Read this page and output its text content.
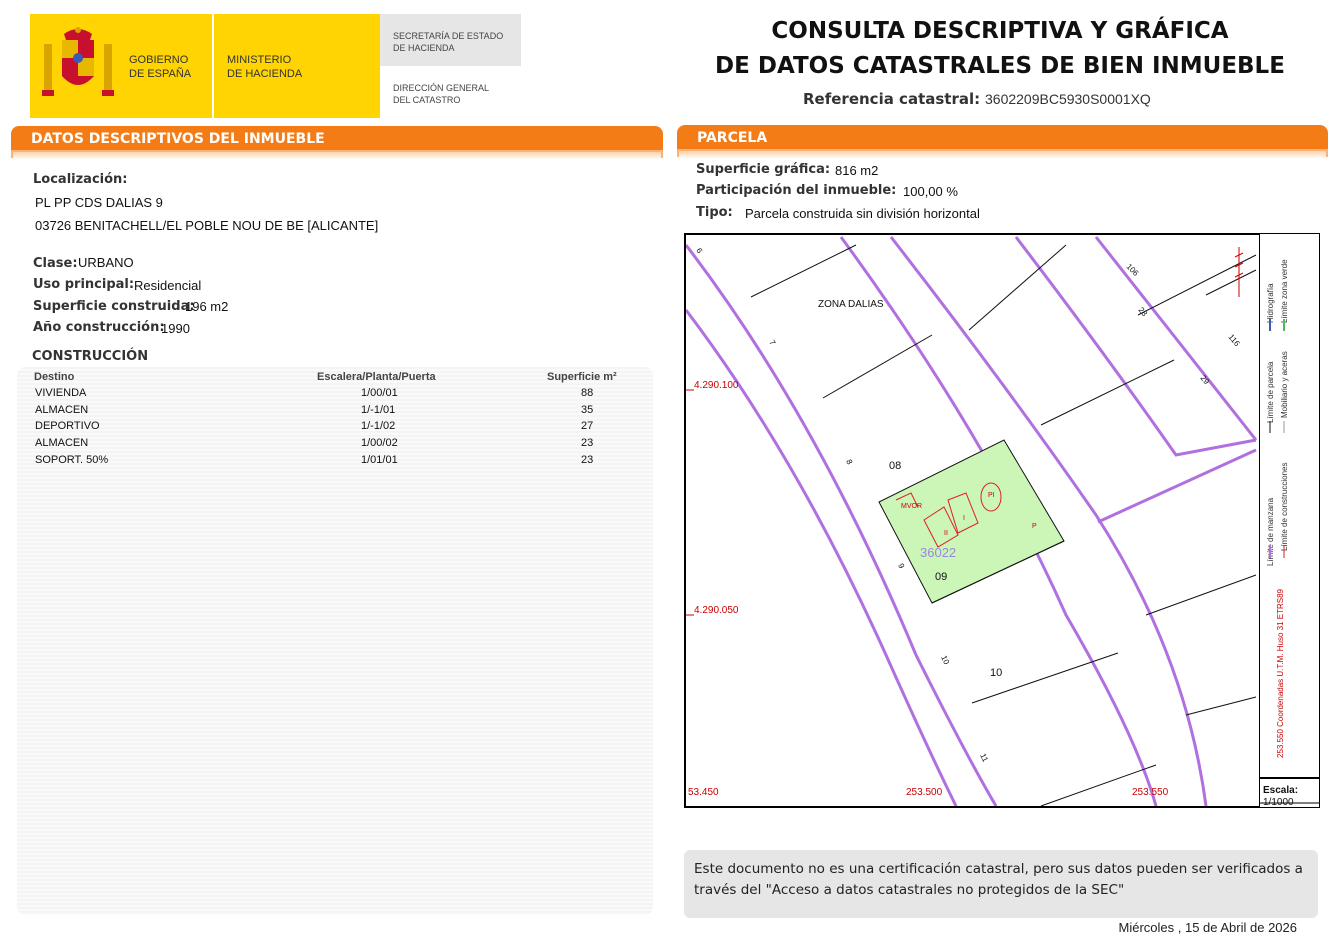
GOBIERNO
DE ESPAÑA
MINISTERIO
DE HACIENDA
SECRETARÍA DE ESTADO
DE HACIENDA
DIRECCIÓN GENERAL
DEL CATASTRO
CONSULTA DESCRIPTIVA Y GRÁFICA
DE DATOS CATASTRALES DE BIEN INMUEBLE
Referencia catastral: 3602209BC5930S0001XQ
DATOS DESCRIPTIVOS DEL INMUEBLE
Localización:
PL PP CDS DALIAS 9
03726 BENITACHELL/EL POBLE NOU DE BE [ALICANTE]
Clase: URBANO
Uso principal: Residencial
Superficie construida:
196 m2
Año construcción:
1990
CONSTRUCCIÓN
Destino	Escalera/Planta/Puerta	Superficie m²
VIVIENDA	1/00/01	88
ALMACEN	1/-1/01	35
DEPORTIVO	1/-1/02	27
ALMACEN	1/00/02	23
SOPORT. 50%	1/01/01	23
PARCELA
Superficie gráfica: 816 m2
Participación del inmueble: 100,00 %
Tipo: Parcela construida sin división horizontal
ZONA DALIAS
08
09
10
6
7
8
9
10
11
106
28
116
29
II
I
PI
P
MVOR
36022
4.290.100
4.290.050
53.450	253.500	253.550
Límite de manzana
Límite de parcela
Hidrografía
Límite de construcciones
Mobiliario y aceras
Límite zona verde
253.550 Coordenadas U.T.M. Huso 31 ETRS89
Escala:
1/1000
Este documento no es una certificación catastral, pero sus datos pueden ser verificados a través del "Acceso a datos catastrales no protegidos de la SEC"
Miércoles , 15 de Abril de 2026
